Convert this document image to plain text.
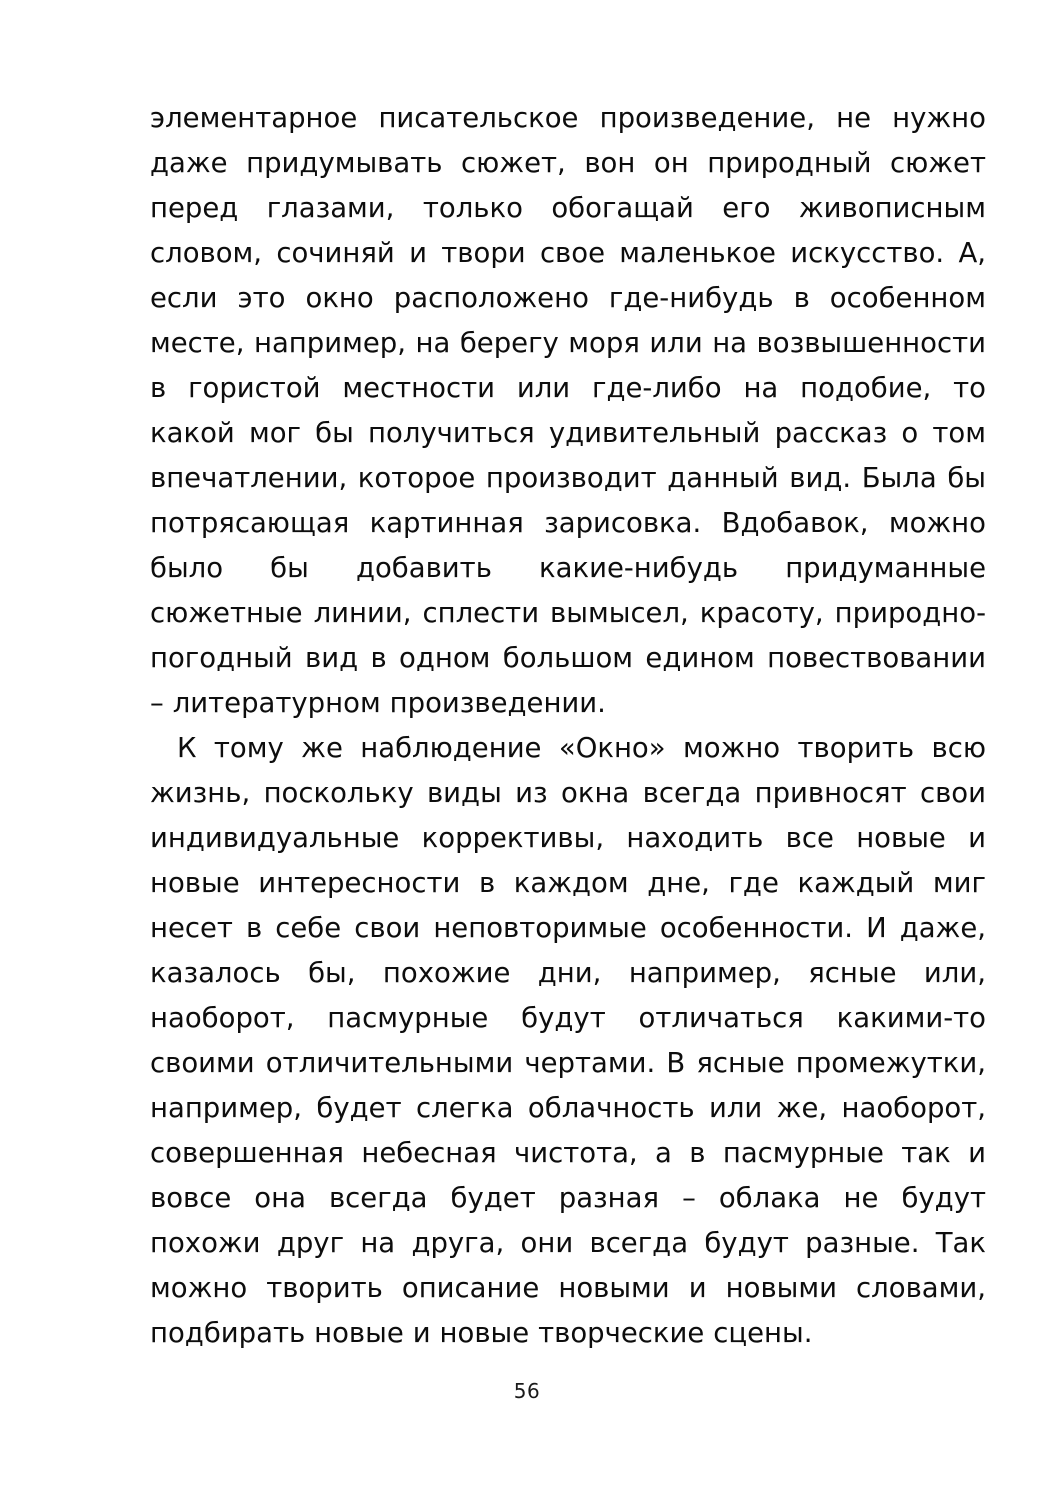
элементарное писательское произведение, не нужно даже придумывать сюжет, вон он природный сюжет перед глазами, только обогащай его живописным словом, сочиняй и твори свое маленькое искусство. А, если это окно расположено где-нибудь в особенном месте, например, на берегу моря или на возвышенности в гористой местности или где-либо на подобие, то какой мог бы получиться удивительный рассказ о том впечатлении, которое производит данный вид. Была бы потрясающая картинная зарисовка. Вдобавок, можно было бы добавить какие-нибудь придуманные сюжетные линии, сплести вымысел, красоту, природно-погодный вид в одном большом едином повествовании – литературном произведении.

К тому же наблюдение «Окно» можно творить всю жизнь, поскольку виды из окна всегда привносят свои индивидуальные коррективы, находить все новые и новые интересности в каждом дне, где каждый миг несет в себе свои неповторимые особенности. И даже, казалось бы, похожие дни, например, ясные или, наоборот, пасмурные будут отличаться какими-то своими отличительными чертами. В ясные промежутки, например, будет слегка облачность или же, наоборот, совершенная небесная чистота, а в пасмурные так и вовсе она всегда будет разная – облака не будут похожи друг на друга, они всегда будут разные. Так можно творить описание новыми и новыми словами, подбирать новые и новые творческие сцены.

56
